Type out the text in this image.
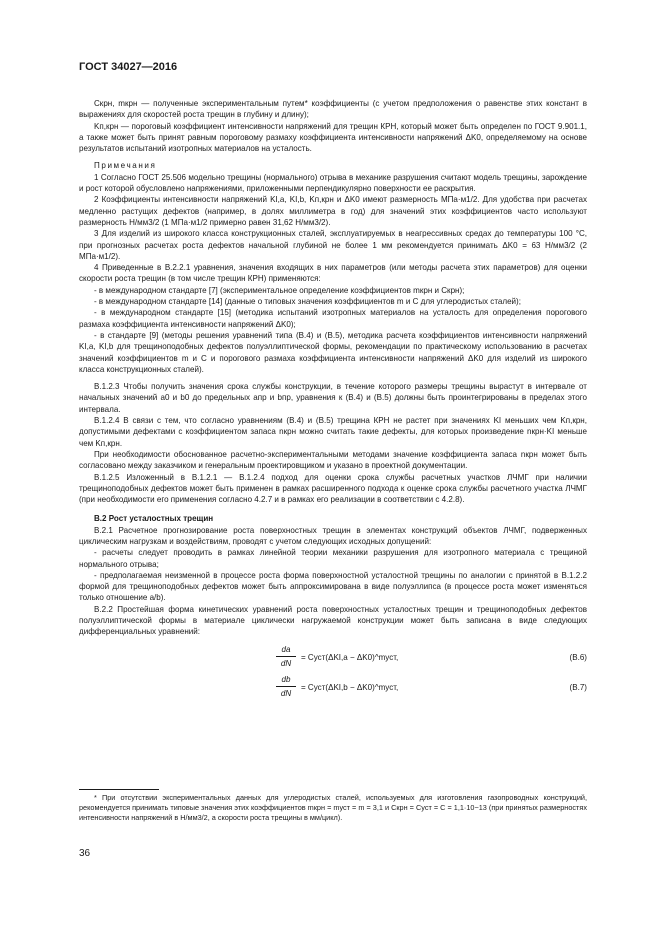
ГОСТ 34027—2016

Cкрн, mкрн — полученные экспериментальным путем* коэффициенты (с учетом предположения о равенстве этих констант в выражениях для скоростей роста трещин в глубину и длину);

Kп,крн — пороговый коэффициент интенсивности напряжений для трещин КРН, который может быть определен по ГОСТ 9.901.1, а также может быть принят равным пороговому размаху коэффициента интенсивности напряжений ΔK0, определяемому на основе результатов испытаний изотропных материалов на усталость.

Примечания

1 Согласно ГОСТ 25.506 модельно трещины (нормального) отрыва в механике разрушения считают модель трещины, зарождение и рост которой обусловлено напряжениями, приложенными перпендикулярно поверхности ее раскрытия.

2 Коэффициенты интенсивности напряжений KI,a, KI,b, Kп,крн и ΔK0 имеют размерность МПа·м1/2. Для удобства при расчетах медленно растущих дефектов (например, в долях миллиметра в год) для значений этих коэффициентов часто используют размерность Н/мм3/2 (1 МПа·м1/2 примерно равен 31,62 Н/мм3/2).

3 Для изделий из широкого класса конструкционных сталей, эксплуатируемых в неагрессивных средах до температуры 100 °С, при прогнозных расчетах роста дефектов начальной глубиной не более 1 мм рекомендуется принимать ΔK0 = 63 Н/мм3/2 (2 МПа·м1/2).

4 Приведенные в В.2.2.1 уравнения, значения входящих в них параметров (или методы расчета этих параметров) для оценки скорости роста трещин (в том числе трещин КРН) применяются:

- в международном стандарте [7] (экспериментальное определение коэффициентов mкрн и Cкрн);

- в международном стандарте [14] (данные о типовых значения коэффициентов m и C для углеродистых сталей);

- в международном стандарте [15] (методика испытаний изотропных материалов на усталость для определения порогового размаха коэффициента интенсивности напряжений ΔK0);

- в стандарте [9] (методы решения уравнений типа (В.4) и (В.5), методика расчета коэффициентов интенсивности напряжений KI,a, KI,b для трещиноподобных дефектов полуэллиптической формы, рекомендации по практическому использованию в расчетах значений коэффициентов m и C и порогового размаха коэффициента интенсивности напряжений ΔK0 для изделий из широкого класса конструкционных сталей).

В.1.2.3 Чтобы получить значения срока службы конструкции, в течение которого размеры трещины вырастут в интервале от начальных значений a0 и b0 до предельных aпр и bпр, уравнения к (В.4) и (В.5) должны быть проинтегрированы в пределах этого интервала.

В.1.2.4 В связи с тем, что согласно уравнениям (В.4) и (В.5) трещина КРН не растет при значениях KI меньших чем Kп,крн, допустимыми дефектами с коэффициентом запаса nкрн можно считать такие дефекты, для которых произведение nкрн·KI меньше чем Kп,крн.

При необходимости обоснованное расчетно-экспериментальными методами значение коэффициента запаса nкрн может быть согласовано между заказчиком и генеральным проектировщиком и указано в проектной документации.

В.1.2.5 Изложенный в В.1.2.1 — В.1.2.4 подход для оценки срока службы расчетных участков ЛЧМГ при наличии трещиноподобных дефектов может быть применен в рамках расширенного подхода к оценке срока службы расчетного участка ЛЧМГ (при необходимости его применения согласно 4.2.7 и в рамках его реализации в соответствии с 4.2.8).

В.2 Рост усталостных трещин

В.2.1 Расчетное прогнозирование роста поверхностных трещин в элементах конструкций объектов ЛЧМГ, подверженных циклическим нагрузкам и воздействиям, проводят с учетом следующих исходных допущений:

- расчеты следует проводить в рамках линейной теории механики разрушения для изотропного материала с трещиной нормального отрыва;

- предполагаемая неизменной в процессе роста форма поверхностной усталостной трещины по аналогии с принятой в В.1.2.2 формой для трещиноподобных дефектов может быть аппроксимирована в виде полуэллипса (в процессе роста может изменяться только отношение a/b).

В.2.2 Простейшая форма кинетических уравнений роста поверхностных усталостных трещин и трещиноподобных дефектов полуэллиптической формы в материале циклически нагружаемой конструкции может быть записана в виде следующих дифференциальных уравнений:

$\frac{da}{dN}$ = Cуст(ΔKI,a − ΔK0)^mуст,	(В.6)
$\frac{db}{dN}$ = Cуст(ΔKI,b − ΔK0)^mуст,	(В.7)

* При отсутствии экспериментальных данных для углеродистых сталей, используемых для изготовления газопроводных конструкций, рекомендуется принимать типовые значения этих коэффициентов mкрн = mуст = m = 3,1 и Cкрн = Cуст = C = 1,1·10−13 (при принятых размерностях интенсивности напряжений в Н/мм3/2, а скорости роста трещины в мм/цикл).

36
